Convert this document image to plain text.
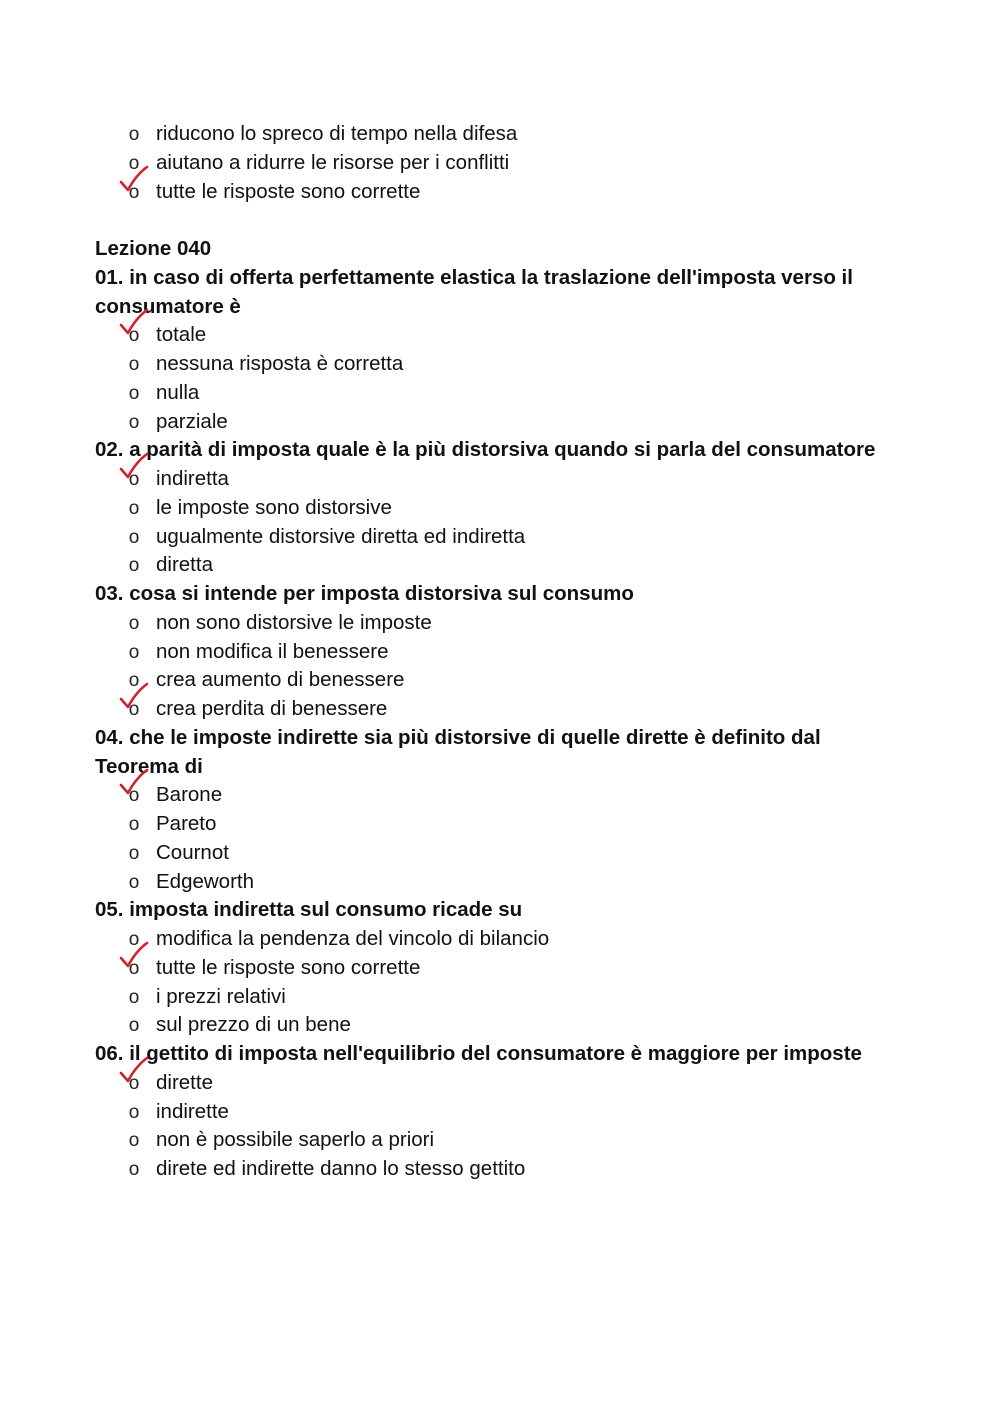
o
riducono lo spreco di tempo nella difesa
o
aiutano a ridurre le risorse per i conflitti
o
tutte le risposte sono corrette
Lezione 040
01. in caso di offerta perfettamente elastica la traslazione dell'imposta verso il
consumatore è
o
totale
o
nessuna risposta è corretta
o
nulla
o
parziale
02. a parità di imposta quale è la più distorsiva quando si parla del consumatore
o
indiretta
o
le imposte sono distorsive
o
ugualmente distorsive diretta ed indiretta
o
diretta
03. cosa si intende per imposta distorsiva sul consumo
o
non sono distorsive le imposte
o
non modifica il benessere
o
crea aumento di benessere
o
crea perdita di benessere
04. che le imposte indirette sia più distorsive di quelle dirette è definito dal
Teorema di
o
Barone
o
Pareto
o
Cournot
o
Edgeworth
05. imposta indiretta sul consumo ricade su
o
modifica la pendenza del vincolo di bilancio
o
tutte le risposte sono corrette
o
i prezzi relativi
o
sul prezzo di un bene
06. il gettito di imposta nell'equilibrio del consumatore è maggiore per imposte
o
dirette
o
indirette
o
non è possibile saperlo a priori
o
direte ed indirette danno lo stesso gettito
